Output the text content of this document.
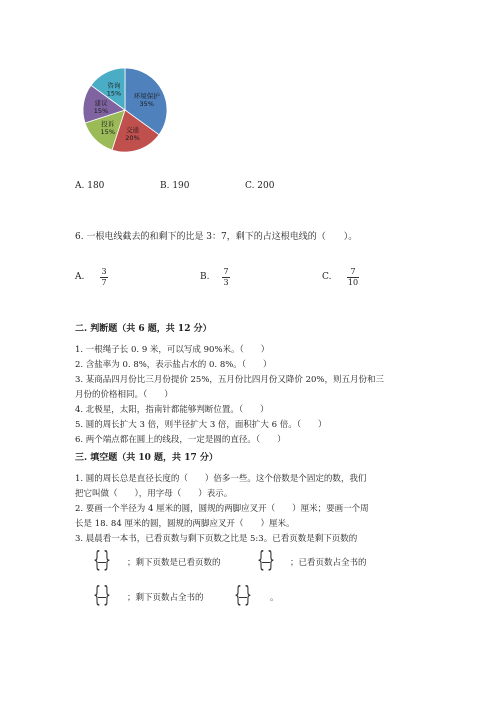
环境保护
35%
交通
20%
投诉
15%
建议
15%
咨询
15%
A. 180	B. 190	C. 200
6. 一根电线截去的和剩下的比是 3：7，剩下的占这根电线的（　　）。
A.
3
7
B.
7
3
C.
7
10
二. 判断题（共 6 题，共 12 分）
1. 一根绳子长 0. 9 米，可以写成 90%米。（　　）
2. 含盐率为 0. 8%，表示盐占水的 0. 8%。（　　）
3. 某商品四月份比三月份提价 25%，五月份比四月份又降价 20%，则五月份和三
月份的价格相同。（　　）
4. 北极星，太阳，指南针都能够判断位置。（　　）
5. 圆的周长扩大 3 倍，则半径扩大 3 倍，面积扩大 6 倍。（　　）
6. 两个端点都在圆上的线段，一定是圆的直径。（　　）
三. 填空题（共 10 题，共 17 分）
1. 圆的周长总是直径长度的（　　）倍多一些。这个倍数是个固定的数，我们
把它叫做（　　），用字母（　　）表示。
2. 要画一个半径为 4 厘米的圆，圆规的两脚应叉开（　　）厘米；要画一个周
长是 18. 84 厘米的圆，圆规的两脚应叉开（　　）厘米。
3. 晨晨看一本书，已看页数与剩下页数之比是 5:3。已看页数是剩下页数的
{ } ；剩下页数是已看页数的 { } ；已看页数占全书的
{ } ；剩下页数占全书的 { } 。
